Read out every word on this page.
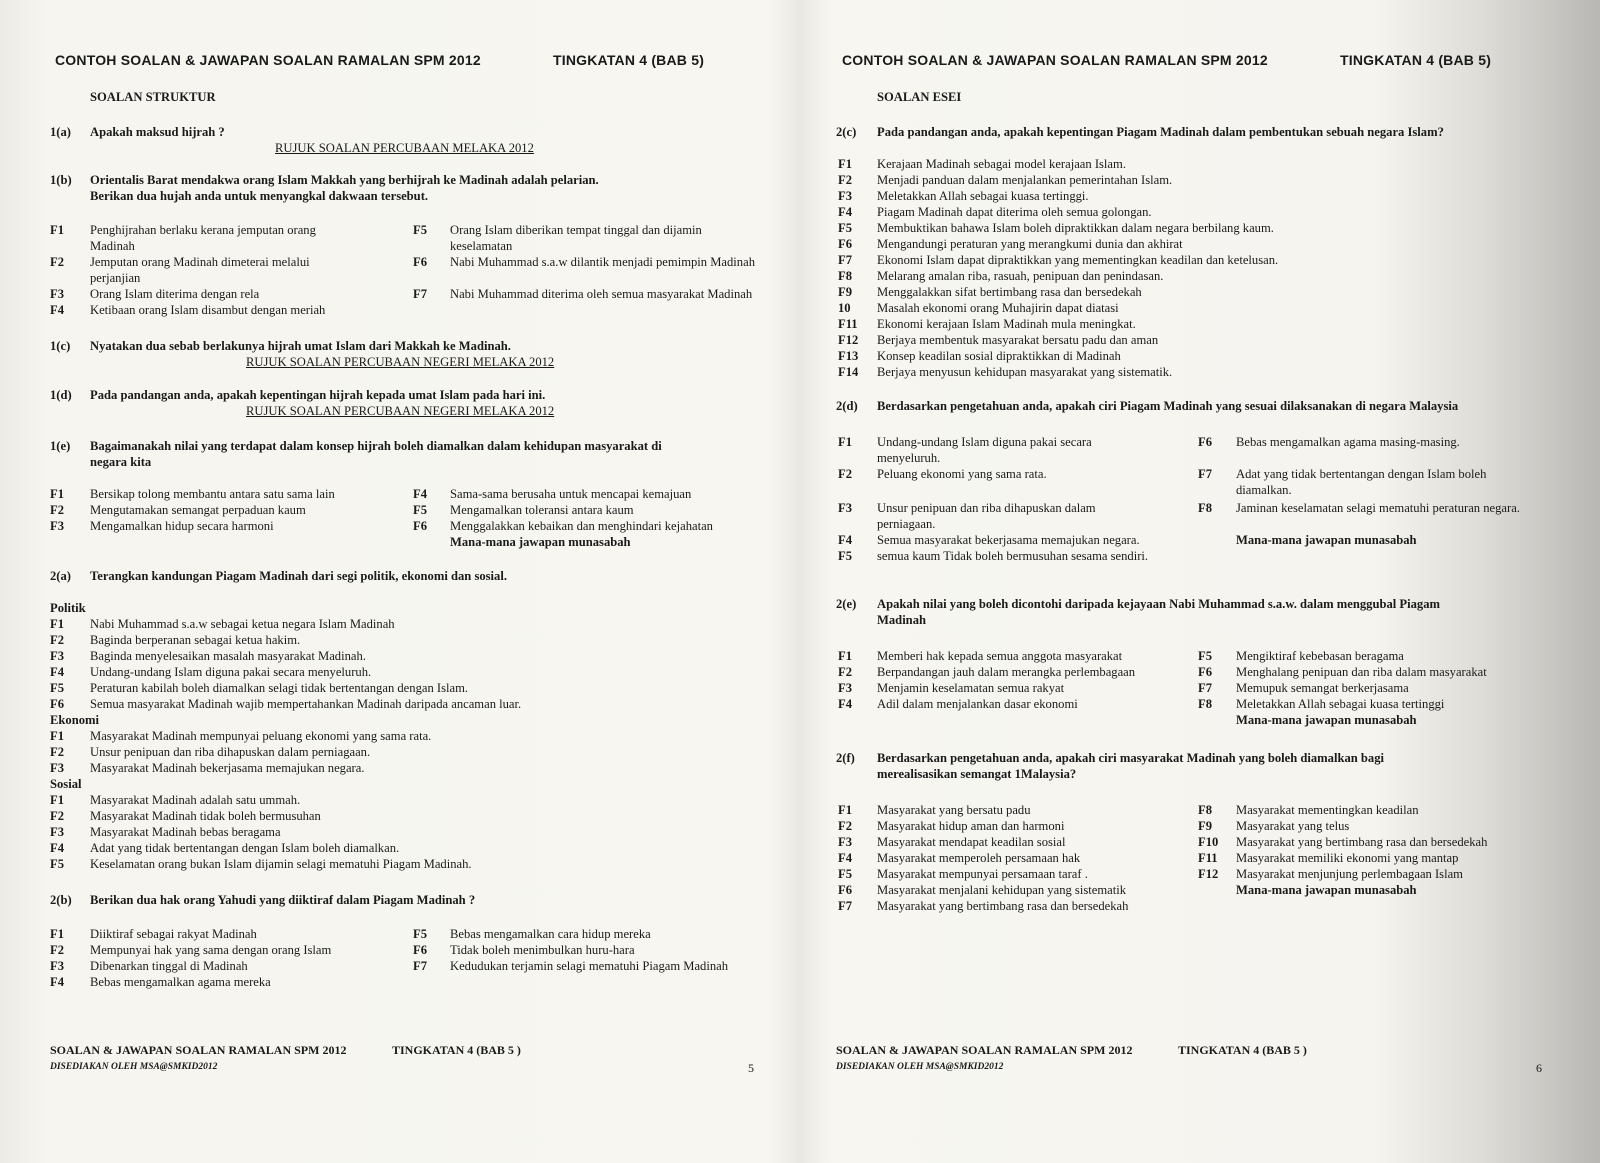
CONTOH SOALAN & JAWAPAN SOALAN RAMALAN SPM 2012	TINGKATAN 4 (BAB 5)
SOALAN STRUKTUR
1(a) Apakah maksud hijrah ?
RUJUK SOALAN PERCUBAAN MELAKA 2012
1(b) Orientalis Barat mendakwa orang Islam Makkah yang berhijrah ke Madinah adalah pelarian.
Berikan dua hujah anda untuk menyangkal dakwaan tersebut.
F1 Penghijrahan berlaku kerana jemputan orang Madinah
F2 Jemputan orang Madinah dimeterai melalui perjanjian
F3 Orang Islam diterima dengan rela
F4 Ketibaan orang Islam disambut dengan meriah
F5 Orang Islam diberikan tempat tinggal dan dijamin keselamatan
F6 Nabi Muhammad s.a.w dilantik menjadi pemimpin Madinah
F7 Nabi Muhammad diterima oleh semua masyarakat Madinah
1(c) Nyatakan dua sebab berlakunya hijrah umat Islam dari Makkah ke Madinah.
RUJUK SOALAN PERCUBAAN NEGERI MELAKA 2012
1(d) Pada pandangan anda, apakah kepentingan hijrah kepada umat Islam pada hari ini.
RUJUK SOALAN PERCUBAAN NEGERI MELAKA 2012
1(e) Bagaimanakah nilai yang terdapat dalam konsep hijrah boleh diamalkan dalam kehidupan masyarakat di
negara kita
F1 Bersikap tolong membantu antara satu sama lain
F2 Mengutamakan semangat perpaduan kaum
F3 Mengamalkan hidup secara harmoni
F4 Sama-sama berusaha untuk mencapai kemajuan
F5 Mengamalkan toleransi antara kaum
F6 Menggalakkan kebaikan dan menghindari kejahatan
Mana-mana jawapan munasabah
2(a) Terangkan kandungan Piagam Madinah dari segi politik, ekonomi dan sosial.
Politik
F1 Nabi Muhammad s.a.w sebagai ketua negara Islam Madinah
F2 Baginda berperanan sebagai ketua hakim.
F3 Baginda menyelesaikan masalah masyarakat Madinah.
F4 Undang-undang Islam diguna pakai secara menyeluruh.
F5 Peraturan kabilah boleh diamalkan selagi tidak bertentangan dengan Islam.
F6 Semua masyarakat Madinah wajib mempertahankan Madinah daripada ancaman luar.
Ekonomi
F1 Masyarakat Madinah mempunyai peluang ekonomi yang sama rata.
F2 Unsur penipuan dan riba dihapuskan dalam perniagaan.
F3 Masyarakat Madinah bekerjasama memajukan negara.
Sosial
F1 Masyarakat Madinah adalah satu ummah.
F2 Masyarakat Madinah tidak boleh bermusuhan
F3 Masyarakat Madinah bebas beragama
F4 Adat yang tidak bertentangan dengan Islam boleh diamalkan.
F5 Keselamatan orang bukan Islam dijamin selagi mematuhi Piagam Madinah.
2(b) Berikan dua hak orang Yahudi yang diiktiraf dalam Piagam Madinah ?
F1 Diiktiraf sebagai rakyat Madinah
F2 Mempunyai hak yang sama dengan orang Islam
F3 Dibenarkan tinggal di Madinah
F4 Bebas mengamalkan agama mereka
F5 Bebas mengamalkan cara hidup mereka
F6 Tidak boleh menimbulkan huru-hara
F7 Kedudukan terjamin selagi mematuhi Piagam Madinah
SOALAN & JAWAPAN SOALAN RAMALAN SPM 2012	TINGKATAN 4 (BAB 5 )
DISEDIAKAN OLEH MSA@SMKID2012	5
CONTOH SOALAN & JAWAPAN SOALAN RAMALAN SPM 2012	TINGKATAN 4 (BAB 5)
SOALAN ESEI
2(c) Pada pandangan anda, apakah kepentingan Piagam Madinah dalam pembentukan sebuah negara Islam?
F1 Kerajaan Madinah sebagai model kerajaan Islam.
F2 Menjadi panduan dalam menjalankan pemerintahan Islam.
F3 Meletakkan Allah sebagai kuasa tertinggi.
F4 Piagam Madinah dapat diterima oleh semua golongan.
F5 Membuktikan bahawa Islam boleh dipraktikkan dalam negara berbilang kaum.
F6 Mengandungi peraturan yang merangkumi dunia dan akhirat
F7 Ekonomi Islam dapat dipraktikkan yang mementingkan keadilan dan ketelusan.
F8 Melarang amalan riba, rasuah, penipuan dan penindasan.
F9 Menggalakkan sifat bertimbang rasa dan bersedekah
10 Masalah ekonomi orang Muhajirin dapat diatasi
F11 Ekonomi kerajaan Islam Madinah mula meningkat.
F12 Berjaya membentuk masyarakat bersatu padu dan aman
F13 Konsep keadilan sosial dipraktikkan di Madinah
F14 Berjaya menyusun kehidupan masyarakat yang sistematik.
2(d) Berdasarkan pengetahuan anda, apakah ciri Piagam Madinah yang sesuai dilaksanakan di negara Malaysia
F1 Undang-undang Islam diguna pakai secara menyeluruh.
F2 Peluang ekonomi yang sama rata.
F3 Unsur penipuan dan riba dihapuskan dalam perniagaan.
F4 Semua masyarakat bekerjasama memajukan negara.
F5 semua kaum Tidak boleh bermusuhan sesama sendiri.
F6 Bebas mengamalkan agama masing-masing.
F7 Adat yang tidak bertentangan dengan Islam boleh diamalkan.
F8 Jaminan keselamatan selagi mematuhi peraturan negara.
Mana-mana jawapan munasabah
2(e) Apakah nilai yang boleh dicontohi daripada kejayaan Nabi Muhammad s.a.w. dalam menggubal Piagam
Madinah
F1 Memberi hak kepada semua anggota masyarakat
F2 Berpandangan jauh dalam merangka perlembagaan
F3 Menjamin keselamatan semua rakyat
F4 Adil dalam menjalankan dasar ekonomi
F5 Mengiktiraf kebebasan beragama
F6 Menghalang penipuan dan riba dalam masyarakat
F7 Memupuk semangat berkerjasama
F8 Meletakkan Allah sebagai kuasa tertinggi
Mana-mana jawapan munasabah
2(f) Berdasarkan pengetahuan anda, apakah ciri masyarakat Madinah yang boleh diamalkan bagi
merealisasikan semangat 1Malaysia?
F1 Masyarakat yang bersatu padu
F2 Masyarakat hidup aman dan harmoni
F3 Masyarakat mendapat keadilan sosial
F4 Masyarakat memperoleh persamaan hak
F5 Masyarakat mempunyai persamaan taraf .
F6 Masyarakat menjalani kehidupan yang sistematik
F7 Masyarakat yang bertimbang rasa dan bersedekah
F8 Masyarakat mementingkan keadilan
F9 Masyarakat yang telus
F10 Masyarakat yang bertimbang rasa dan bersedekah
F11 Masyarakat memiliki ekonomi yang mantap
F12 Masyarakat menjunjung perlembagaan Islam
Mana-mana jawapan munasabah
SOALAN & JAWAPAN SOALAN RAMALAN SPM 2012	TINGKATAN 4 (BAB 5 )
DISEDIAKAN OLEH MSA@SMKID2012	6
